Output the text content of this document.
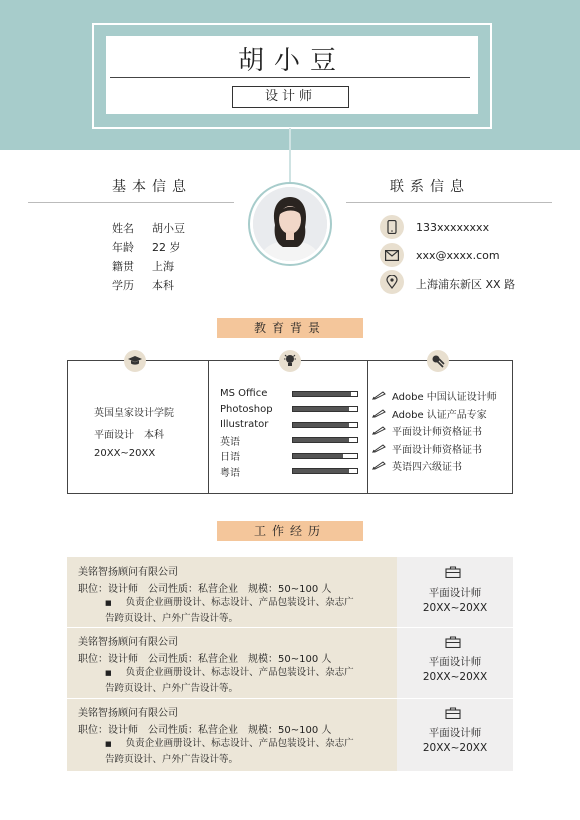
胡小豆
设计师
基本信息
姓名 胡小豆
年龄 22 岁
籍贯 上海
学历 本科
联系信息
133xxxxxxxx
xxx@xxxx.com
上海浦东新区 XX 路
教育背景
英国皇家设计学院
平面设计　本科
20XX~20XX
MS Office
Photoshop
Illustrator
英语
日语
粤语
Adobe 中国认证设计师
Adobe 认证产品专家
平面设计师资格证书
平面设计师资格证书
英语四六级证书
工作经历
美铭智扬顾问有限公司
职位：设计师　 公司性质：私营企业　 规模：50~100 人
■ 负责企业画册设计、标志设计、产品包装设计、杂志广
告跨页设计、户外广告设计等。
平面设计师
20XX~20XX
美铭智扬顾问有限公司
职位：设计师　 公司性质：私营企业　 规模：50~100 人
■ 负责企业画册设计、标志设计、产品包装设计、杂志广
告跨页设计、户外广告设计等。
平面设计师
20XX~20XX
美铭智扬顾问有限公司
职位：设计师　 公司性质：私营企业　 规模：50~100 人
■ 负责企业画册设计、标志设计、产品包装设计、杂志广
告跨页设计、户外广告设计等。
平面设计师
20XX~20XX
